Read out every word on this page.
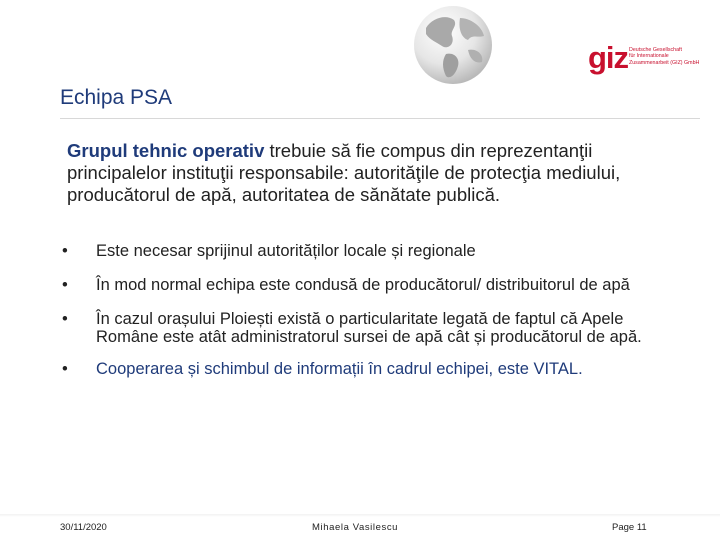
giz Deutsche Gesellschaft
für Internationale
Zusammenarbeit (GIZ) GmbH
Echipa PSA
Grupul tehnic operativ trebuie să fie compus din reprezentanţii principalelor instituţii responsabile: autorităţile de protecţia mediului, producătorul de apă, autoritatea de sănătate publică.
• Este necesar sprijinul autorităților locale și regionale
• În mod normal echipa este condusă de producătorul/ distribuitorul de apă
• În cazul orașului Ploiești există o particularitate legată de faptul că Apele Române este atât administratorul sursei de apă cât și producătorul de apă.
• Cooperarea și schimbul de informații în cadrul echipei, este VITAL.
30/11/2020	Mihaela Vasilescu	Page 11
